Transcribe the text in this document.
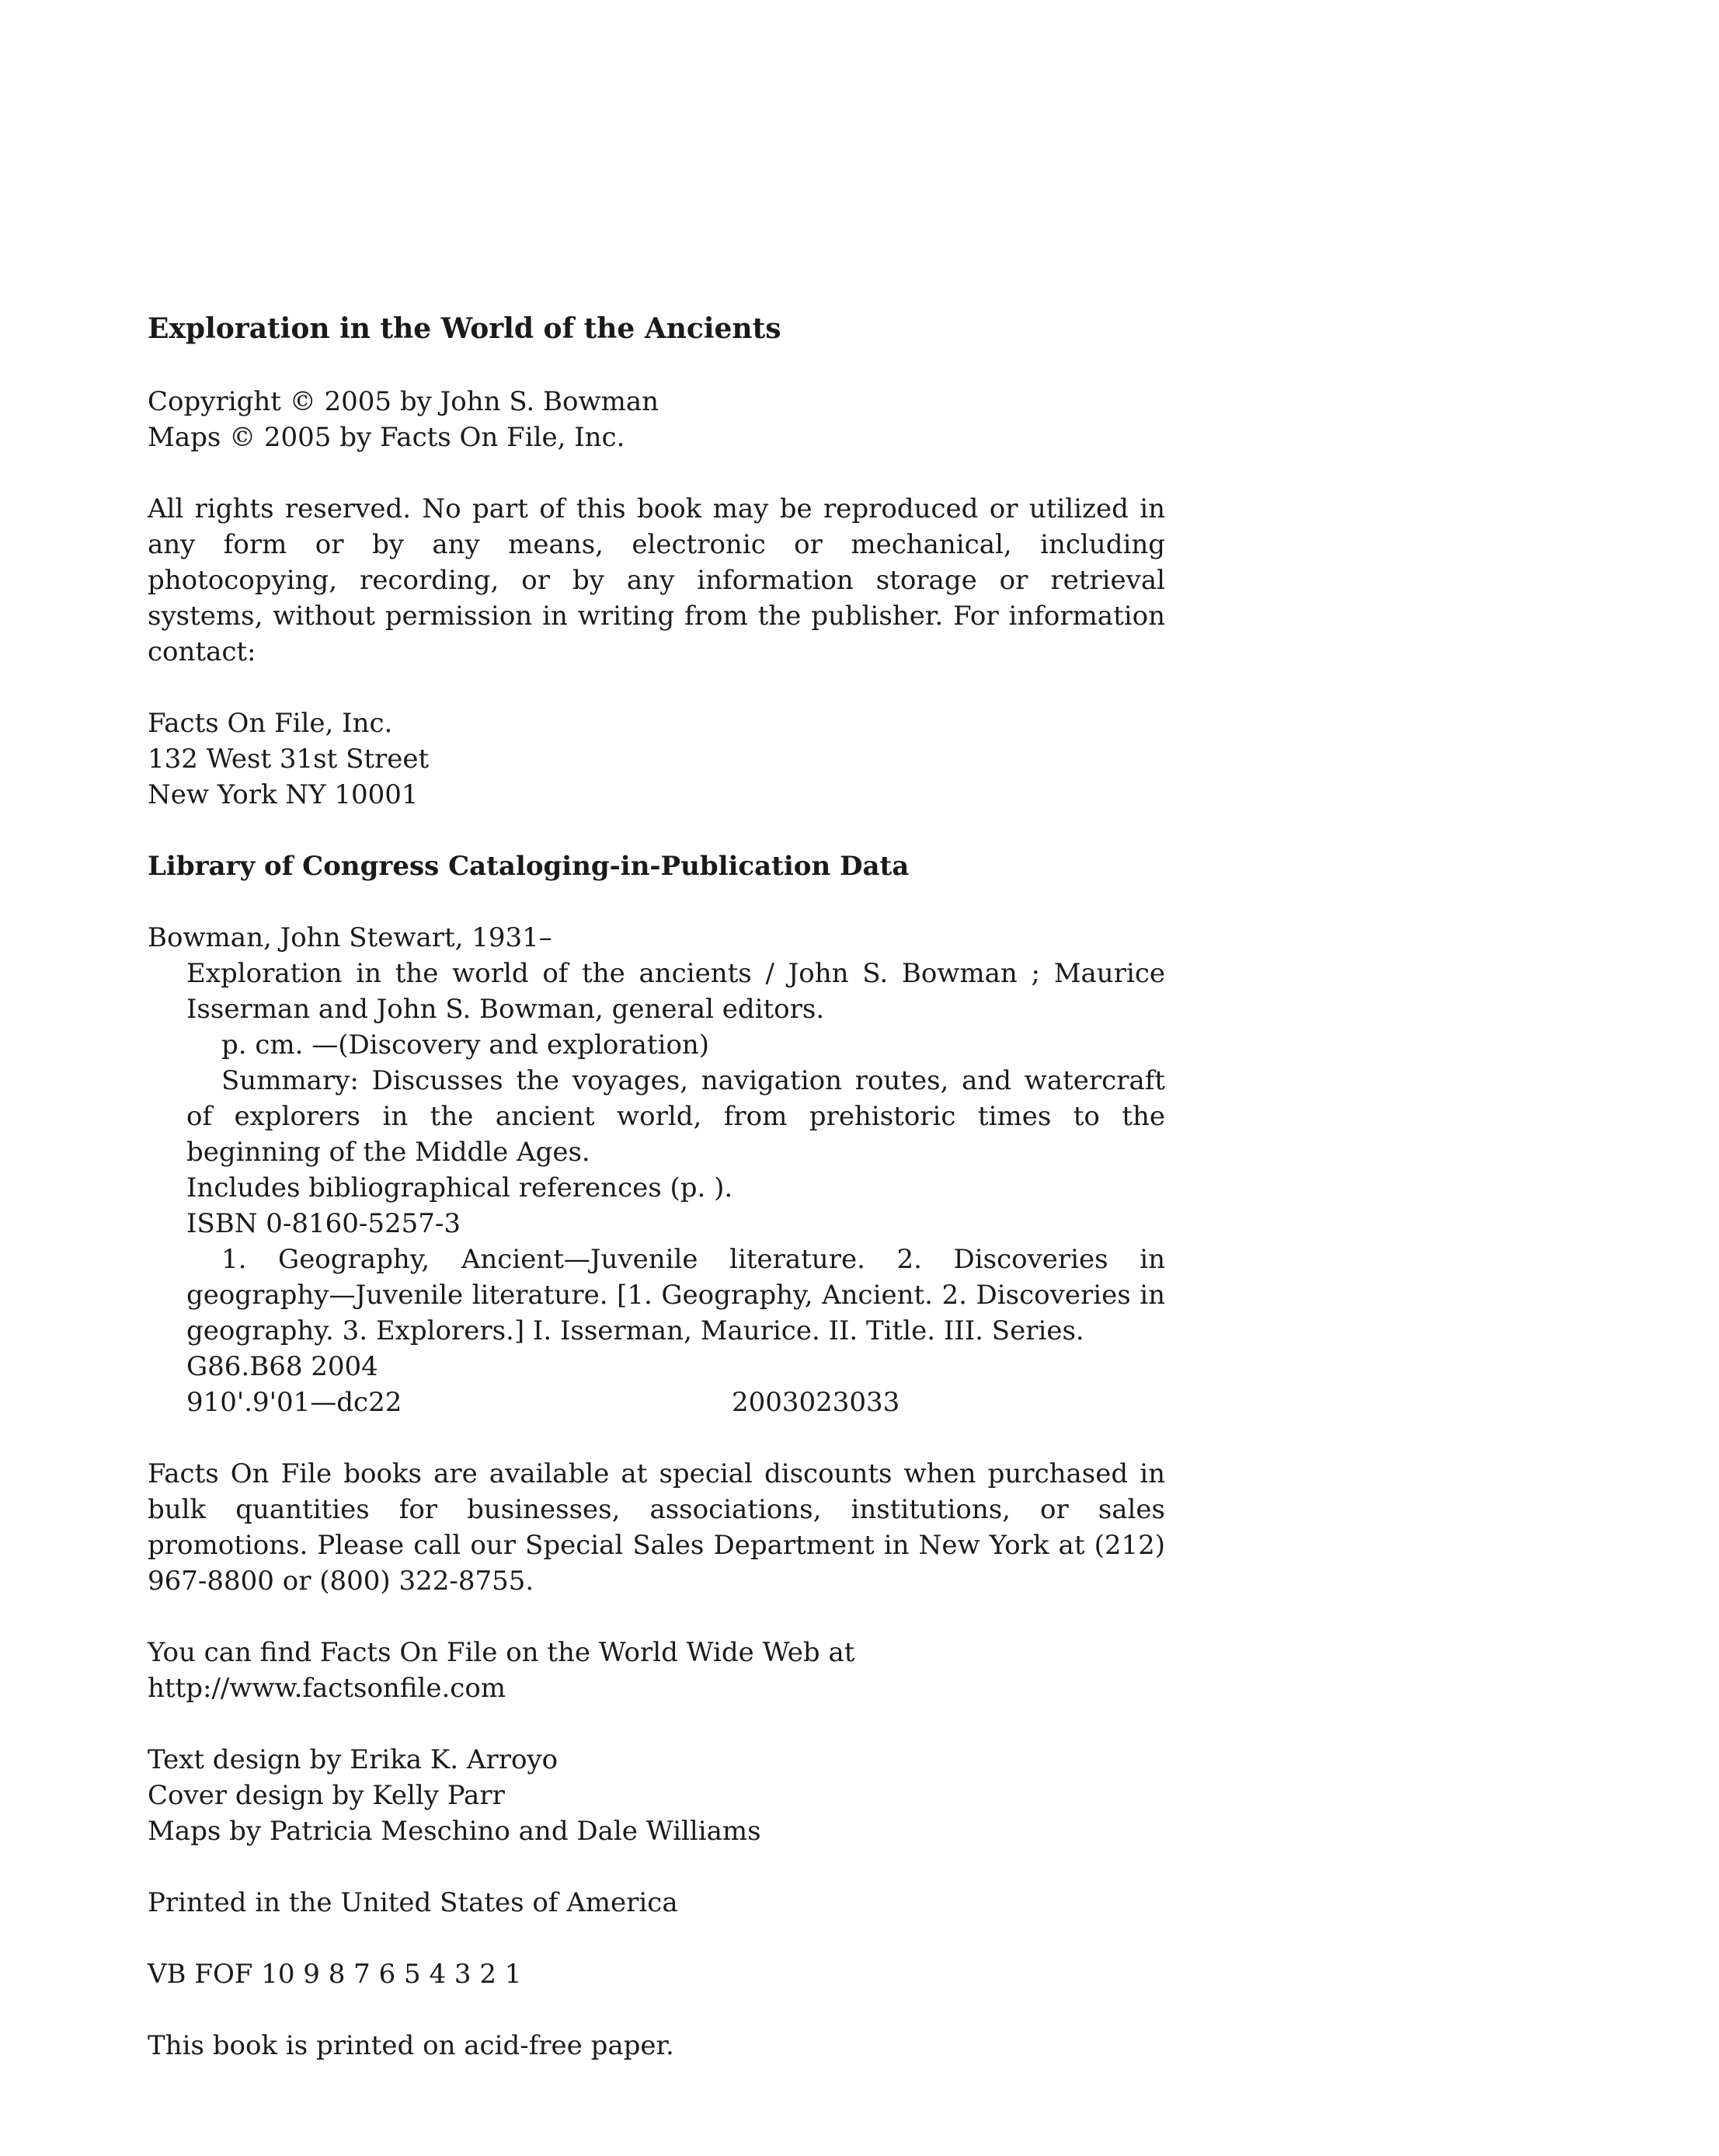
Exploration in the World of the Ancients
Copyright © 2005 by John S. Bowman
Maps © 2005 by Facts On File, Inc.
All rights reserved. No part of this book may be reproduced or utilized in any form or by any means, electronic or mechanical, including photocopying, recording, or by any information storage or retrieval systems, without permission in writing from the publisher. For information contact:
Facts On File, Inc.
132 West 31st Street
New York NY 10001
Library of Congress Cataloging-in-Publication Data
Bowman, John Stewart, 1931–
Exploration in the world of the ancients / John S. Bowman ; Maurice Isserman and John S. Bowman, general editors.
p. cm. —(Discovery and exploration)
Summary: Discusses the voyages, navigation routes, and watercraft of explorers in the ancient world, from prehistoric times to the beginning of the Middle Ages.
Includes bibliographical references (p. ).
ISBN 0-8160-5257-3
1. Geography, Ancient—Juvenile literature. 2. Discoveries in geography—Juvenile literature. [1. Geography, Ancient. 2. Discoveries in geography. 3. Explorers.] I. Isserman, Maurice. II. Title. III. Series.
G86.B68 2004
910'.9'01—dc22	2003023033
Facts On File books are available at special discounts when purchased in bulk quantities for businesses, associations, institutions, or sales promotions. Please call our Special Sales Department in New York at (212) 967-8800 or (800) 322-8755.
You can find Facts On File on the World Wide Web at
http://www.factsonfile.com
Text design by Erika K. Arroyo
Cover design by Kelly Parr
Maps by Patricia Meschino and Dale Williams
Printed in the United States of America
VB FOF 10 9 8 7 6 5 4 3 2 1
This book is printed on acid-free paper.
